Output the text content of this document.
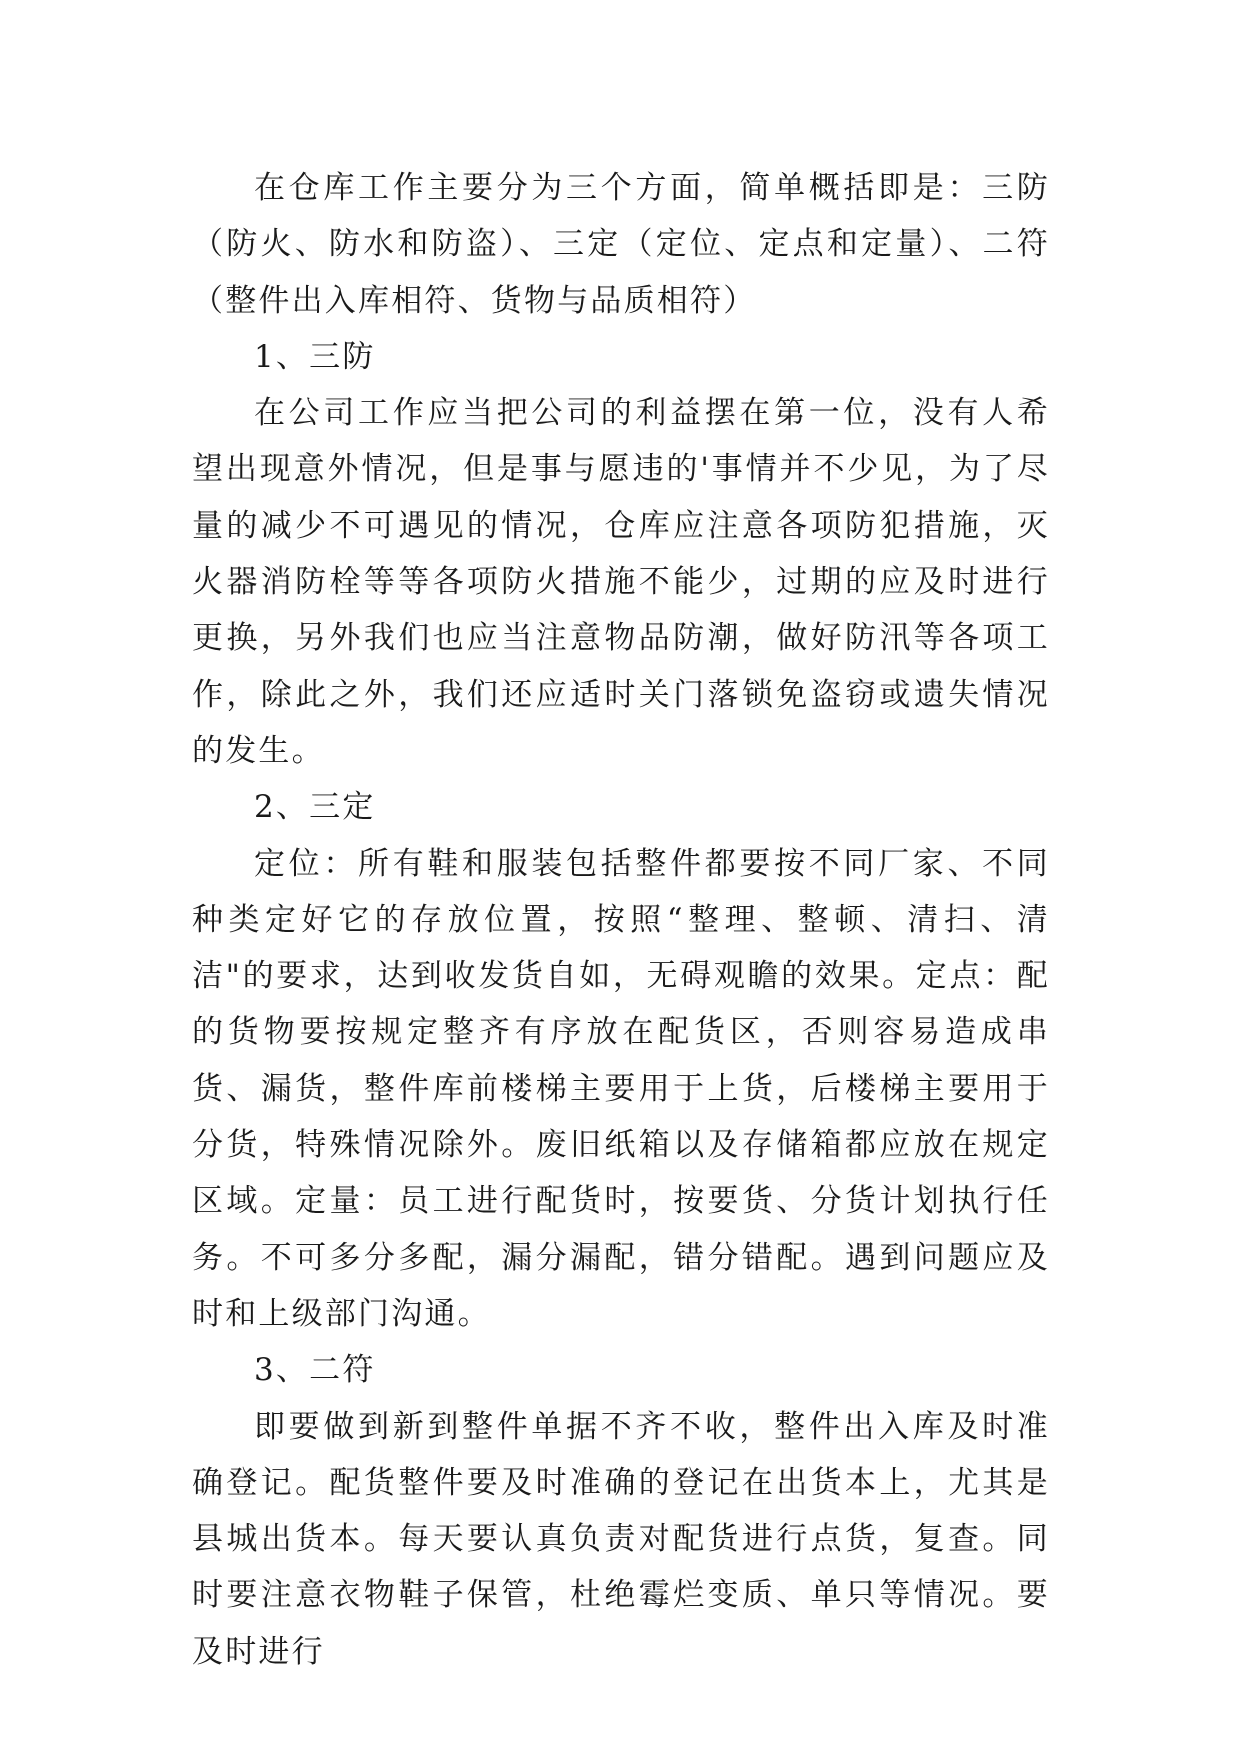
在仓库工作主要分为三个方面，简单概括即是：三防（防火、防水和防盗）、三定（定位、定点和定量）、二符（整件出入库相符、货物与品质相符）

1、三防

在公司工作应当把公司的利益摆在第一位，没有人希望出现意外情况，但是事与愿违的'事情并不少见，为了尽量的减少不可遇见的情况，仓库应注意各项防犯措施，灭火器消防栓等等各项防火措施不能少，过期的应及时进行更换，另外我们也应当注意物品防潮，做好防汛等各项工作，除此之外，我们还应适时关门落锁免盗窃或遗失情况的发生。

2、三定

定位：所有鞋和服装包括整件都要按不同厂家、不同种类定好它的存放位置，按照“整理、整顿、清扫、清洁"的要求，达到收发货自如，无碍观瞻的效果。定点：配的货物要按规定整齐有序放在配货区，否则容易造成串货、漏货，整件库前楼梯主要用于上货，后楼梯主要用于分货，特殊情况除外。废旧纸箱以及存储箱都应放在规定区域。定量：员工进行配货时，按要货、分货计划执行任务。不可多分多配，漏分漏配，错分错配。遇到问题应及时和上级部门沟通。

3、二符

即要做到新到整件单据不齐不收，整件出入库及时准确登记。配货整件要及时准确的登记在出货本上，尤其是县城出货本。每天要认真负责对配货进行点货，复查。同时要注意衣物鞋子保管，杜绝霉烂变质、单只等情况。要及时进行
